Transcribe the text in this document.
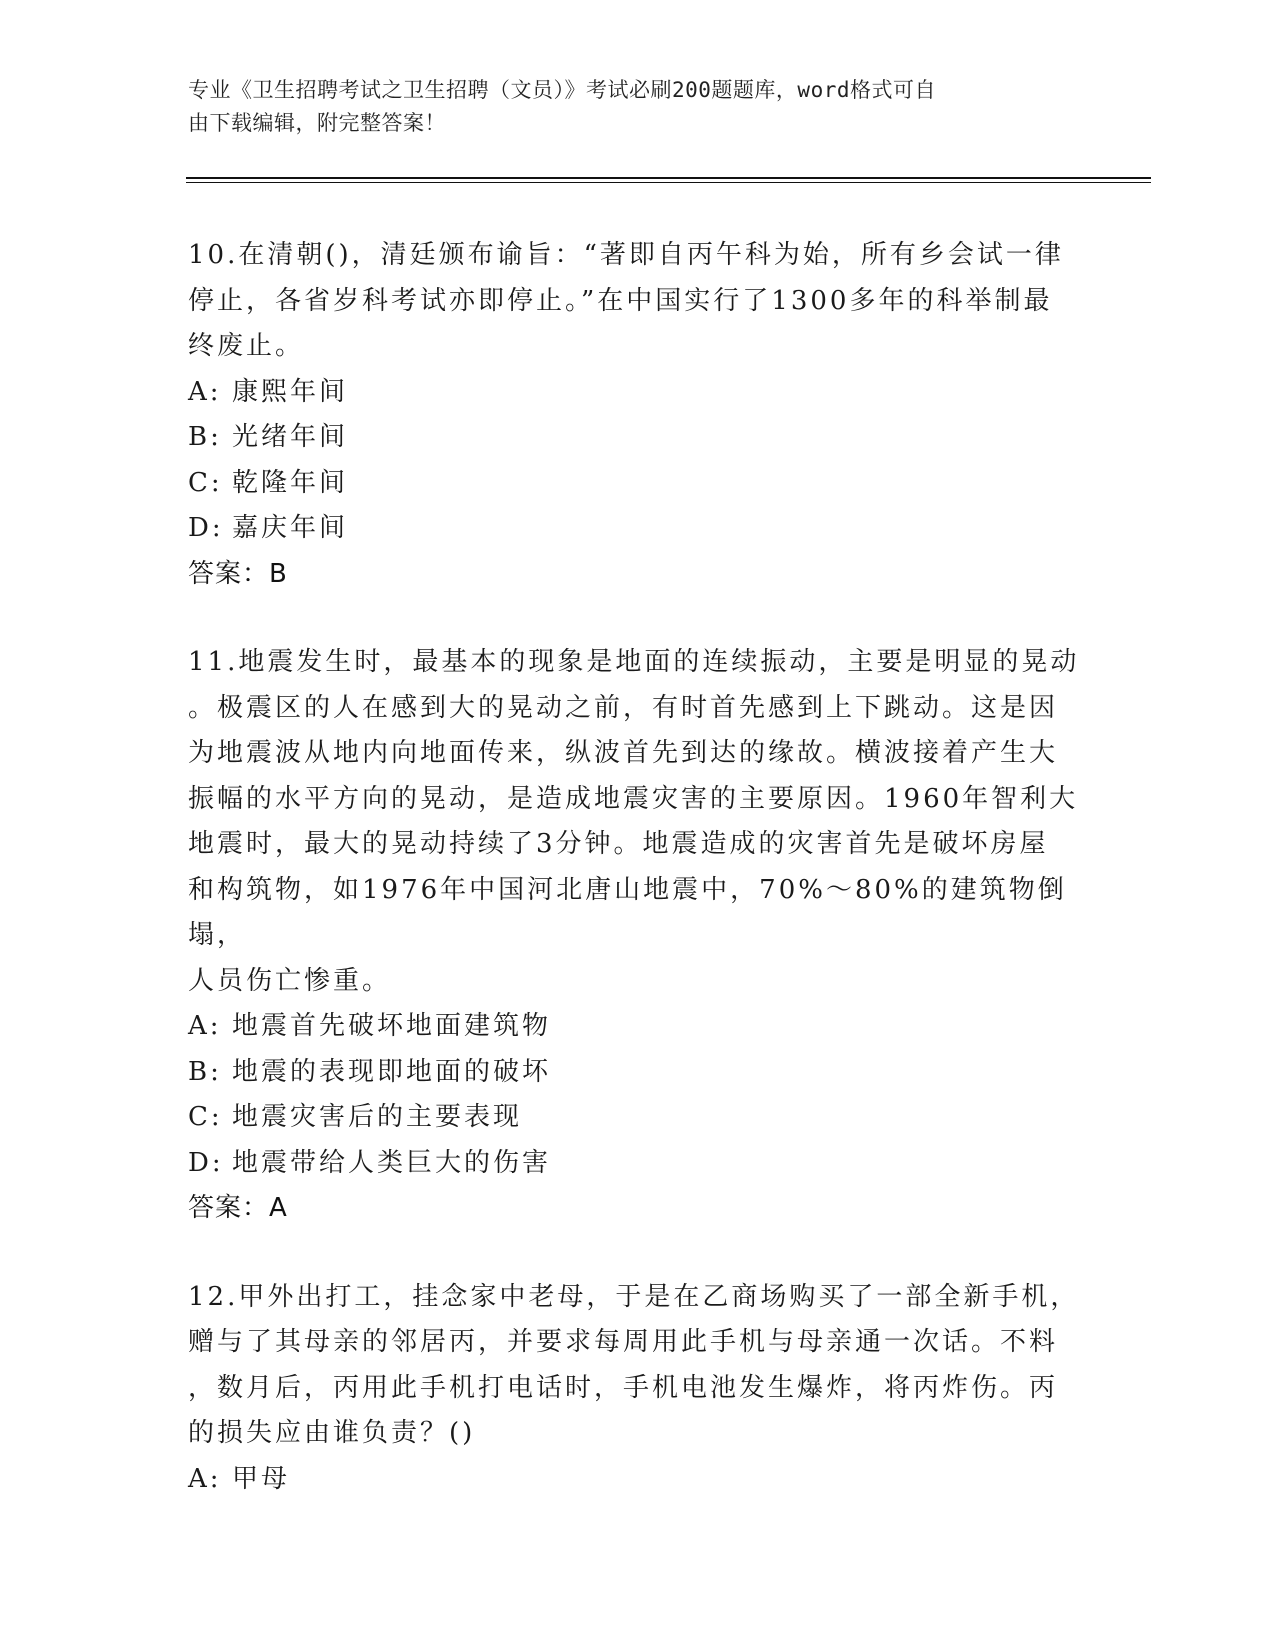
专业《卫生招聘考试之卫生招聘（文员）》考试必刷200题题库，word格式可自
由下载编辑，附完整答案！
10.在清朝()，清廷颁布谕旨：“著即自丙午科为始，所有乡会试一律
停止，各省岁科考试亦即停止。”在中国实行了1300多年的科举制最
终废止。
A: 康熙年间
B: 光绪年间
C: 乾隆年间
D: 嘉庆年间
答案：B
11.地震发生时，最基本的现象是地面的连续振动，主要是明显的晃动
。极震区的人在感到大的晃动之前，有时首先感到上下跳动。这是因
为地震波从地内向地面传来，纵波首先到达的缘故。横波接着产生大
振幅的水平方向的晃动，是造成地震灾害的主要原因。1960年智利大
地震时，最大的晃动持续了3分钟。地震造成的灾害首先是破坏房屋
和构筑物，如1976年中国河北唐山地震中，70%～80%的建筑物倒塌，
人员伤亡惨重。
A: 地震首先破坏地面建筑物
B: 地震的表现即地面的破坏
C: 地震灾害后的主要表现
D: 地震带给人类巨大的伤害
答案：A
12.甲外出打工，挂念家中老母，于是在乙商场购买了一部全新手机，
赠与了其母亲的邻居丙，并要求每周用此手机与母亲通一次话。不料
，数月后，丙用此手机打电话时，手机电池发生爆炸，将丙炸伤。丙
的损失应由谁负责？()
A: 甲母
